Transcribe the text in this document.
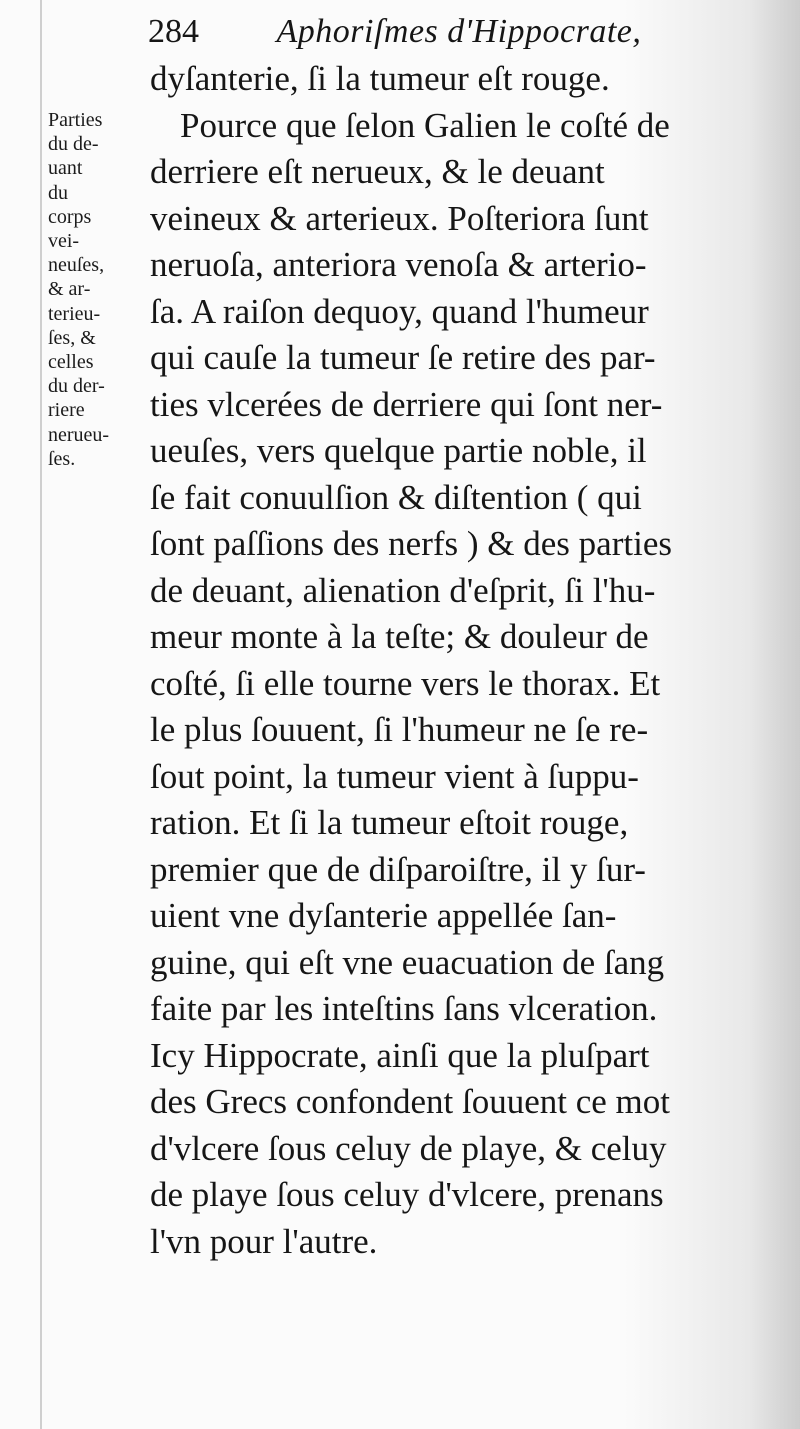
284 Aphoriſmes d'Hippocrate,
Parties
du de-
uant
du
corps
vei-
neuſes,
& ar-
terieu-
ſes, &
celles
du der-
riere
nerueu-
ſes.
dyſanterie, ſi la tumeur eſt rouge.
Pource que ſelon Galien le coſté de
derriere eſt nerueux, & le deuant
veineux & arterieux. Poſteriora ſunt
neruoſa, anteriora venoſa & arterio-
ſa. A raiſon dequoy, quand l'humeur
qui cauſe la tumeur ſe retire des par-
ties vlcerées de derriere qui ſont ner-
ueuſes, vers quelque partie noble, il
ſe fait conuulſion & diſtention ( qui
ſont paſſions des nerfs ) & des parties
de deuant, alienation d'eſprit, ſi l'hu-
meur monte à la teſte; & douleur de
coſté, ſi elle tourne vers le thorax. Et
le plus ſouuent, ſi l'humeur ne ſe re-
ſout point, la tumeur vient à ſuppu-
ration. Et ſi la tumeur eſtoit rouge,
premier que de diſparoiſtre, il y ſur-
uient vne dyſanterie appellée ſan-
guine, qui eſt vne euacuation de ſang
faite par les inteſtins ſans vlceration.
Icy Hippocrate, ainſi que la pluſpart
des Grecs confondent ſouuent ce mot
d'vlcere ſous celuy de playe, & celuy
de playe ſous celuy d'vlcere, prenans
l'vn pour l'autre.
